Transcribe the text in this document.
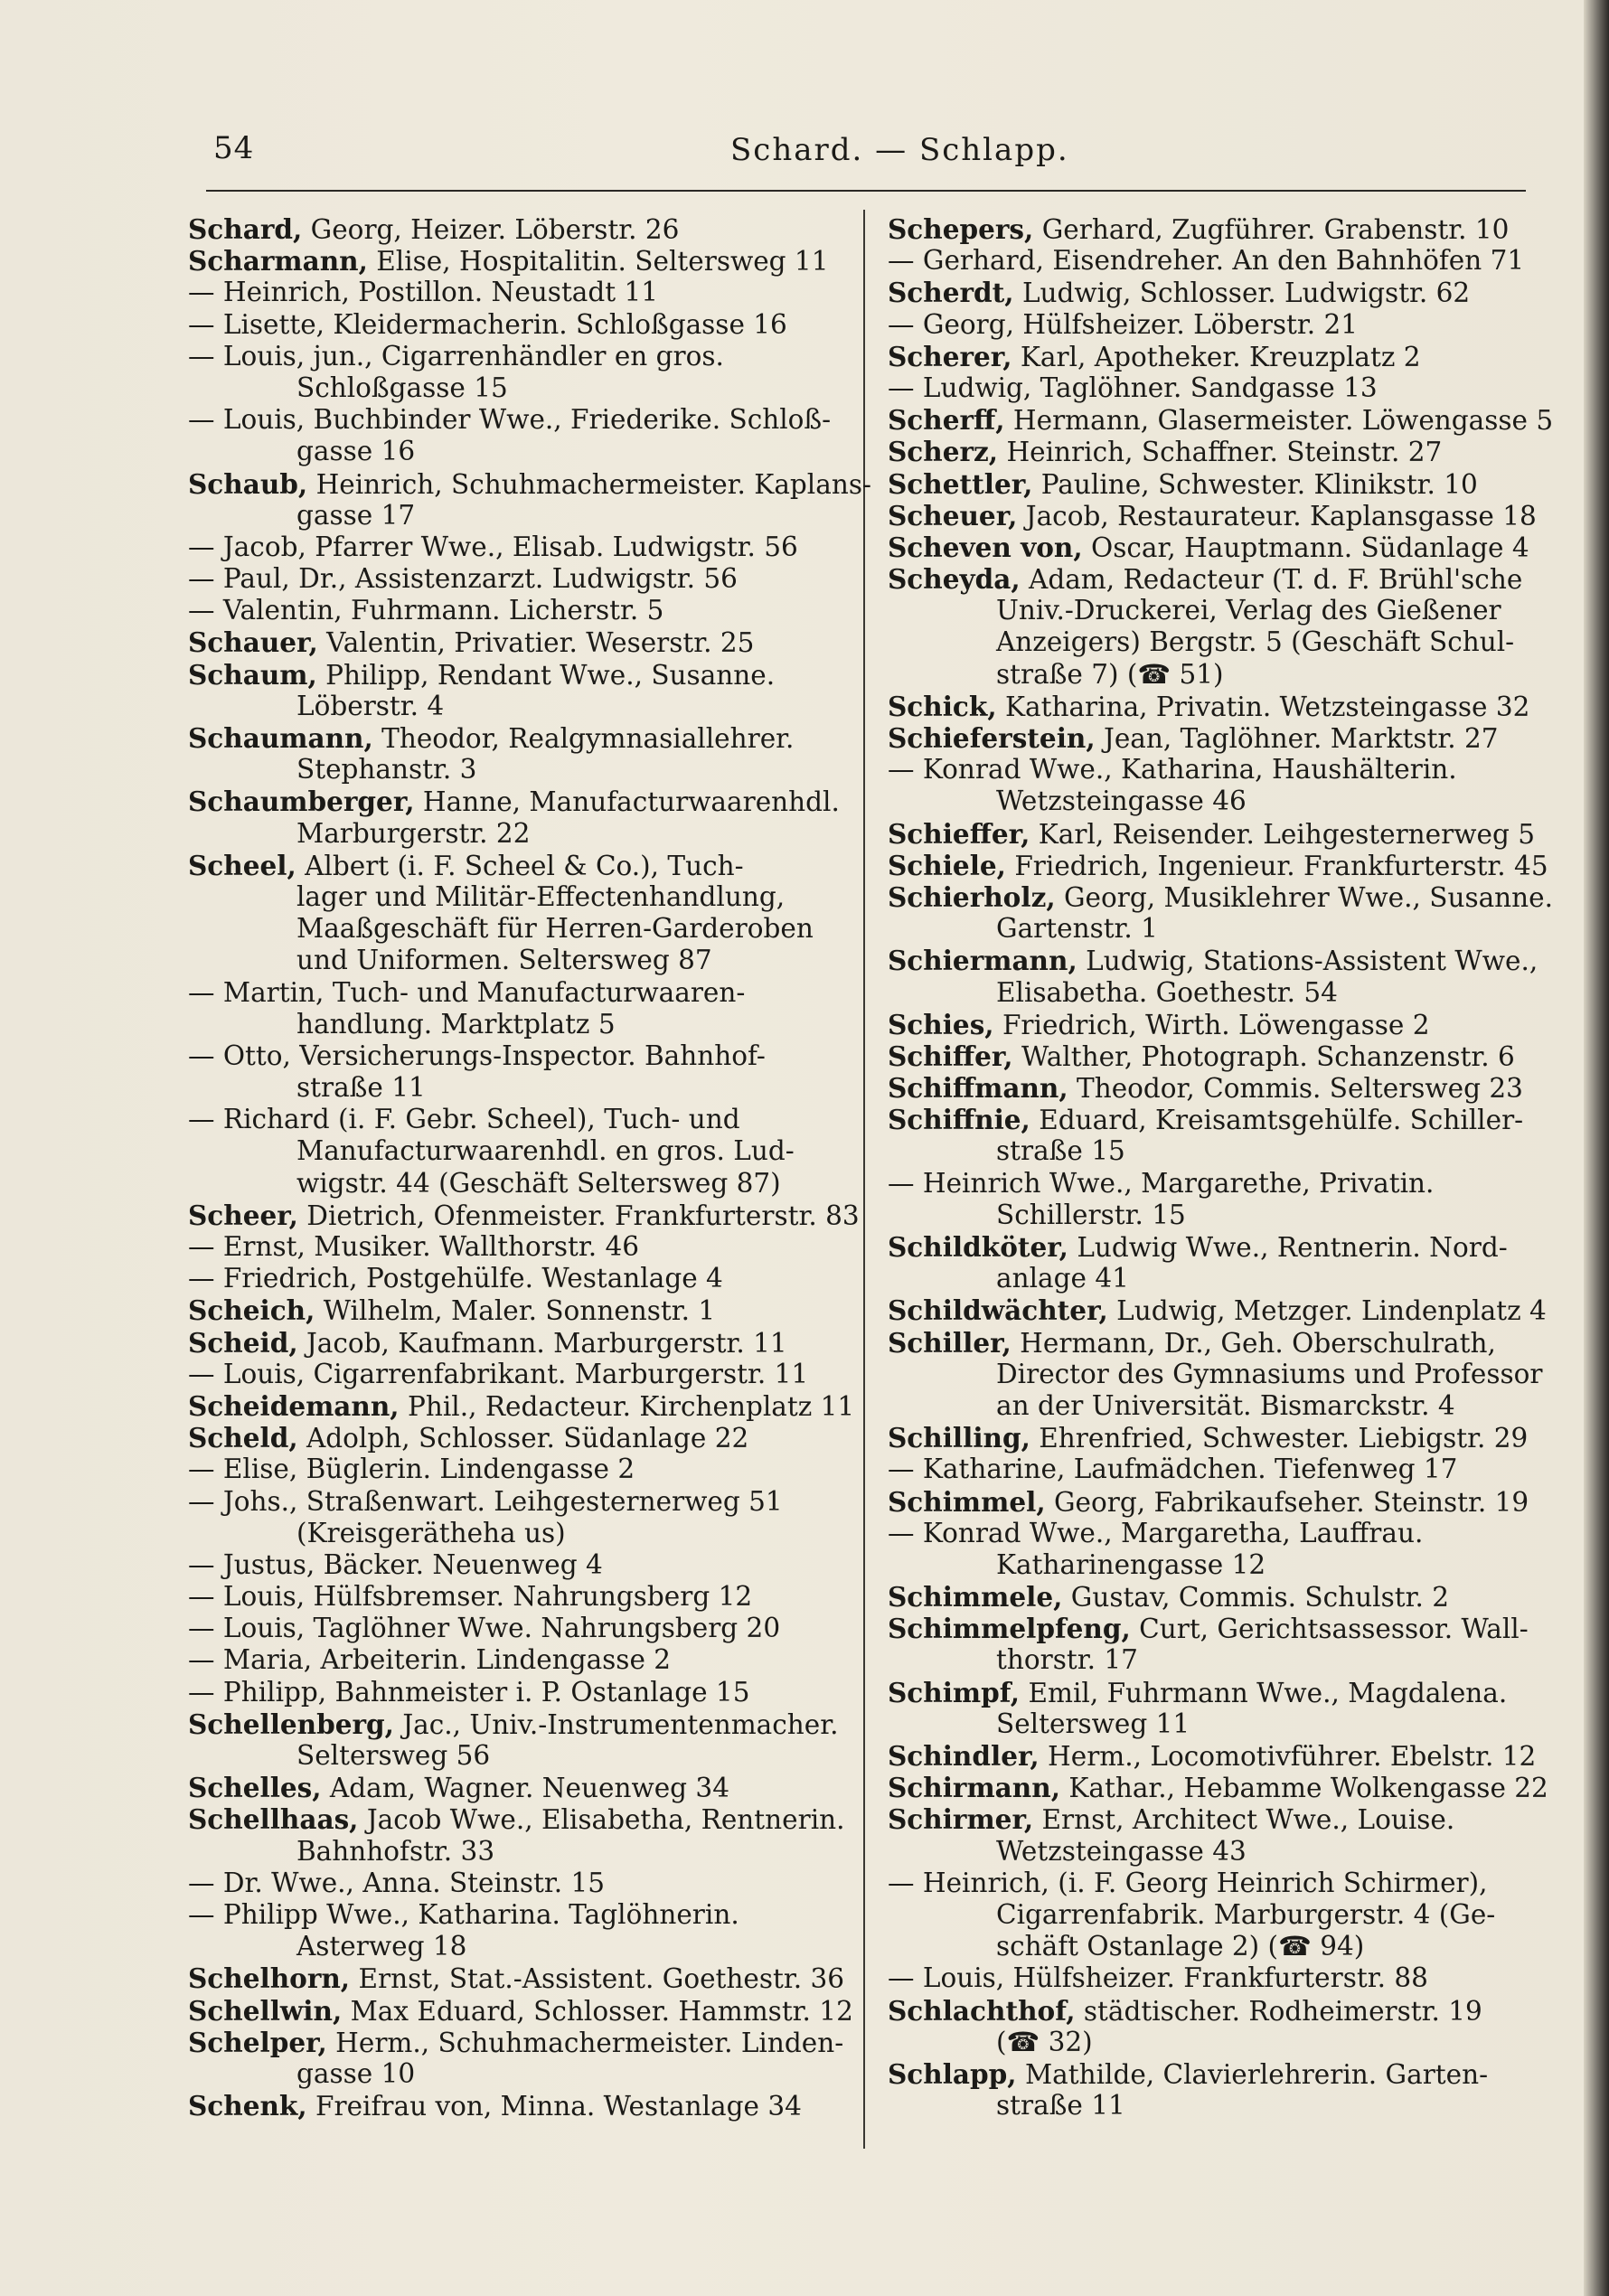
54	Schard. — Schlapp.
Schard, Georg, Heizer. Löberstr. 26
Scharmann, Elise, Hospitalitin. Seltersweg 11
— Heinrich, Postillon. Neustadt 11
— Lisette, Kleidermacherin. Schloßgasse 16
— Louis, jun., Cigarrenhändler en gros.
Schloßgasse 15
— Louis, Buchbinder Wwe., Friederike. Schloß-
gasse 16
Schaub, Heinrich, Schuhmachermeister. Kaplans-
gasse 17
— Jacob, Pfarrer Wwe., Elisab. Ludwigstr. 56
— Paul, Dr., Assistenzarzt. Ludwigstr. 56
— Valentin, Fuhrmann. Licherstr. 5
Schauer, Valentin, Privatier. Weserstr. 25
Schaum, Philipp, Rendant Wwe., Susanne.
Löberstr. 4
Schaumann, Theodor, Realgymnasiallehrer.
Stephanstr. 3
Schaumberger, Hanne, Manufacturwaarenhdl.
Marburgerstr. 22
Scheel, Albert (i. F. Scheel & Co.), Tuch-
lager und Militär-Effectenhandlung,
Maaßgeschäft für Herren-Garderoben
und Uniformen. Seltersweg 87
— Martin, Tuch- und Manufacturwaaren-
handlung. Marktplatz 5
— Otto, Versicherungs-Inspector. Bahnhof-
straße 11
— Richard (i. F. Gebr. Scheel), Tuch- und
Manufacturwaarenhdl. en gros. Lud-
wigstr. 44 (Geschäft Seltersweg 87)
Scheer, Dietrich, Ofenmeister. Frankfurterstr. 83
— Ernst, Musiker. Wallthorstr. 46
— Friedrich, Postgehülfe. Westanlage 4
Scheich, Wilhelm, Maler. Sonnenstr. 1
Scheid, Jacob, Kaufmann. Marburgerstr. 11
— Louis, Cigarrenfabrikant. Marburgerstr. 11
Scheidemann, Phil., Redacteur. Kirchenplatz 11
Scheld, Adolph, Schlosser. Südanlage 22
— Elise, Büglerin. Lindengasse 2
— Johs., Straßenwart. Leihgesternerweg 51
(Kreisgerätheha us)
— Justus, Bäcker. Neuenweg 4
— Louis, Hülfsbremser. Nahrungsberg 12
— Louis, Taglöhner Wwe. Nahrungsberg 20
— Maria, Arbeiterin. Lindengasse 2
— Philipp, Bahnmeister i. P. Ostanlage 15
Schellenberg, Jac., Univ.-Instrumentenmacher.
Seltersweg 56
Schelles, Adam, Wagner. Neuenweg 34
Schellhaas, Jacob Wwe., Elisabetha, Rentnerin.
Bahnhofstr. 33
— Dr. Wwe., Anna. Steinstr. 15
— Philipp Wwe., Katharina. Taglöhnerin.
Asterweg 18
Schelhorn, Ernst, Stat.-Assistent. Goethestr. 36
Schellwin, Max Eduard, Schlosser. Hammstr. 12
Schelper, Herm., Schuhmachermeister. Linden-
gasse 10
Schenk, Freifrau von, Minna. Westanlage 34
Schepers, Gerhard, Zugführer. Grabenstr. 10
— Gerhard, Eisendreher. An den Bahnhöfen 71
Scherdt, Ludwig, Schlosser. Ludwigstr. 62
— Georg, Hülfsheizer. Löberstr. 21
Scherer, Karl, Apotheker. Kreuzplatz 2
— Ludwig, Taglöhner. Sandgasse 13
Scherff, Hermann, Glasermeister. Löwengasse 5
Scherz, Heinrich, Schaffner. Steinstr. 27
Schettler, Pauline, Schwester. Klinikstr. 10
Scheuer, Jacob, Restaurateur. Kaplansgasse 18
Scheven von, Oscar, Hauptmann. Südanlage 4
Scheyda, Adam, Redacteur (T. d. F. Brühl'sche
Univ.-Druckerei, Verlag des Gießener
Anzeigers) Bergstr. 5 (Geschäft Schul-
straße 7) (☎ 51)
Schick, Katharina, Privatin. Wetzsteingasse 32
Schieferstein, Jean, Taglöhner. Marktstr. 27
— Konrad Wwe., Katharina, Haushälterin.
Wetzsteingasse 46
Schieffer, Karl, Reisender. Leihgesternerweg 5
Schiele, Friedrich, Ingenieur. Frankfurterstr. 45
Schierholz, Georg, Musiklehrer Wwe., Susanne.
Gartenstr. 1
Schiermann, Ludwig, Stations-Assistent Wwe.,
Elisabetha. Goethestr. 54
Schies, Friedrich, Wirth. Löwengasse 2
Schiffer, Walther, Photograph. Schanzenstr. 6
Schiffmann, Theodor, Commis. Seltersweg 23
Schiffnie, Eduard, Kreisamtsgehülfe. Schiller-
straße 15
— Heinrich Wwe., Margarethe, Privatin.
Schillerstr. 15
Schildköter, Ludwig Wwe., Rentnerin. Nord-
anlage 41
Schildwächter, Ludwig, Metzger. Lindenplatz 4
Schiller, Hermann, Dr., Geh. Oberschulrath,
Director des Gymnasiums und Professor
an der Universität. Bismarckstr. 4
Schilling, Ehrenfried, Schwester. Liebigstr. 29
— Katharine, Laufmädchen. Tiefenweg 17
Schimmel, Georg, Fabrikaufseher. Steinstr. 19
— Konrad Wwe., Margaretha, Lauffrau.
Katharinengasse 12
Schimmele, Gustav, Commis. Schulstr. 2
Schimmelpfeng, Curt, Gerichtsassessor. Wall-
thorstr. 17
Schimpf, Emil, Fuhrmann Wwe., Magdalena.
Seltersweg 11
Schindler, Herm., Locomotivführer. Ebelstr. 12
Schirmann, Kathar., Hebamme Wolkengasse 22
Schirmer, Ernst, Architect Wwe., Louise.
Wetzsteingasse 43
— Heinrich, (i. F. Georg Heinrich Schirmer),
Cigarrenfabrik. Marburgerstr. 4 (Ge-
schäft Ostanlage 2) (☎ 94)
— Louis, Hülfsheizer. Frankfurterstr. 88
Schlachthof, städtischer. Rodheimerstr. 19
(☎ 32)
Schlapp, Mathilde, Clavierlehrerin. Garten-
straße 11
